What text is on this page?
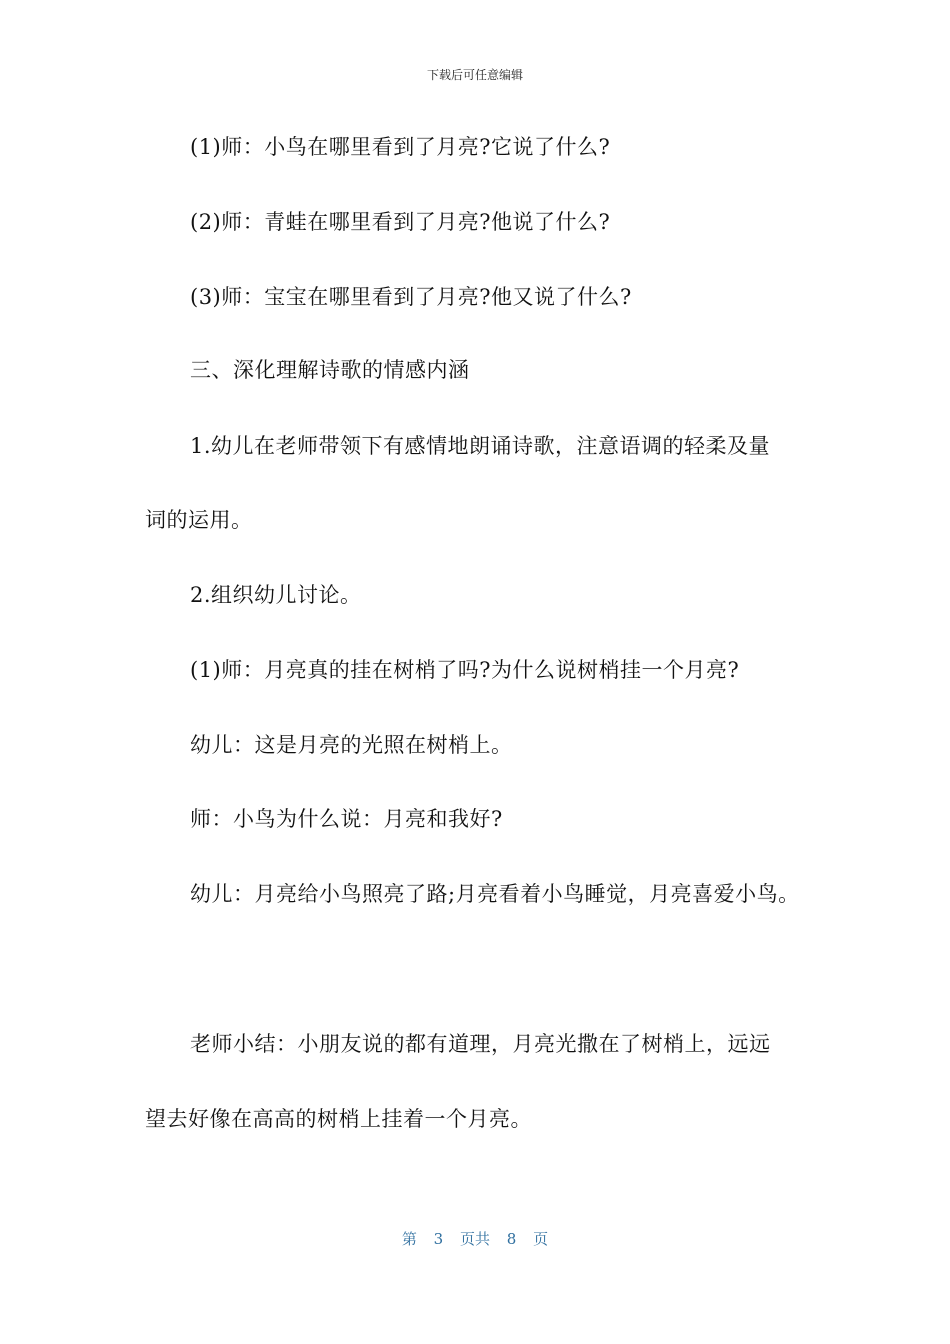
下载后可任意编辑
(1)师：小鸟在哪里看到了月亮?它说了什么?
(2)师：青蛙在哪里看到了月亮?他说了什么?
(3)师：宝宝在哪里看到了月亮?他又说了什么?
三、深化理解诗歌的情感内涵
1.幼儿在老师带领下有感情地朗诵诗歌，注意语调的轻柔及量
词的运用。
2.组织幼儿讨论。
(1)师：月亮真的挂在树梢了吗?为什么说树梢挂一个月亮?
幼儿：这是月亮的光照在树梢上。
师：小鸟为什么说：月亮和我好?
幼儿：月亮给小鸟照亮了路;月亮看着小鸟睡觉，月亮喜爱小鸟。
老师小结：小朋友说的都有道理，月亮光撒在了树梢上，远远
望去好像在高高的树梢上挂着一个月亮。
第 3 页共 8 页
